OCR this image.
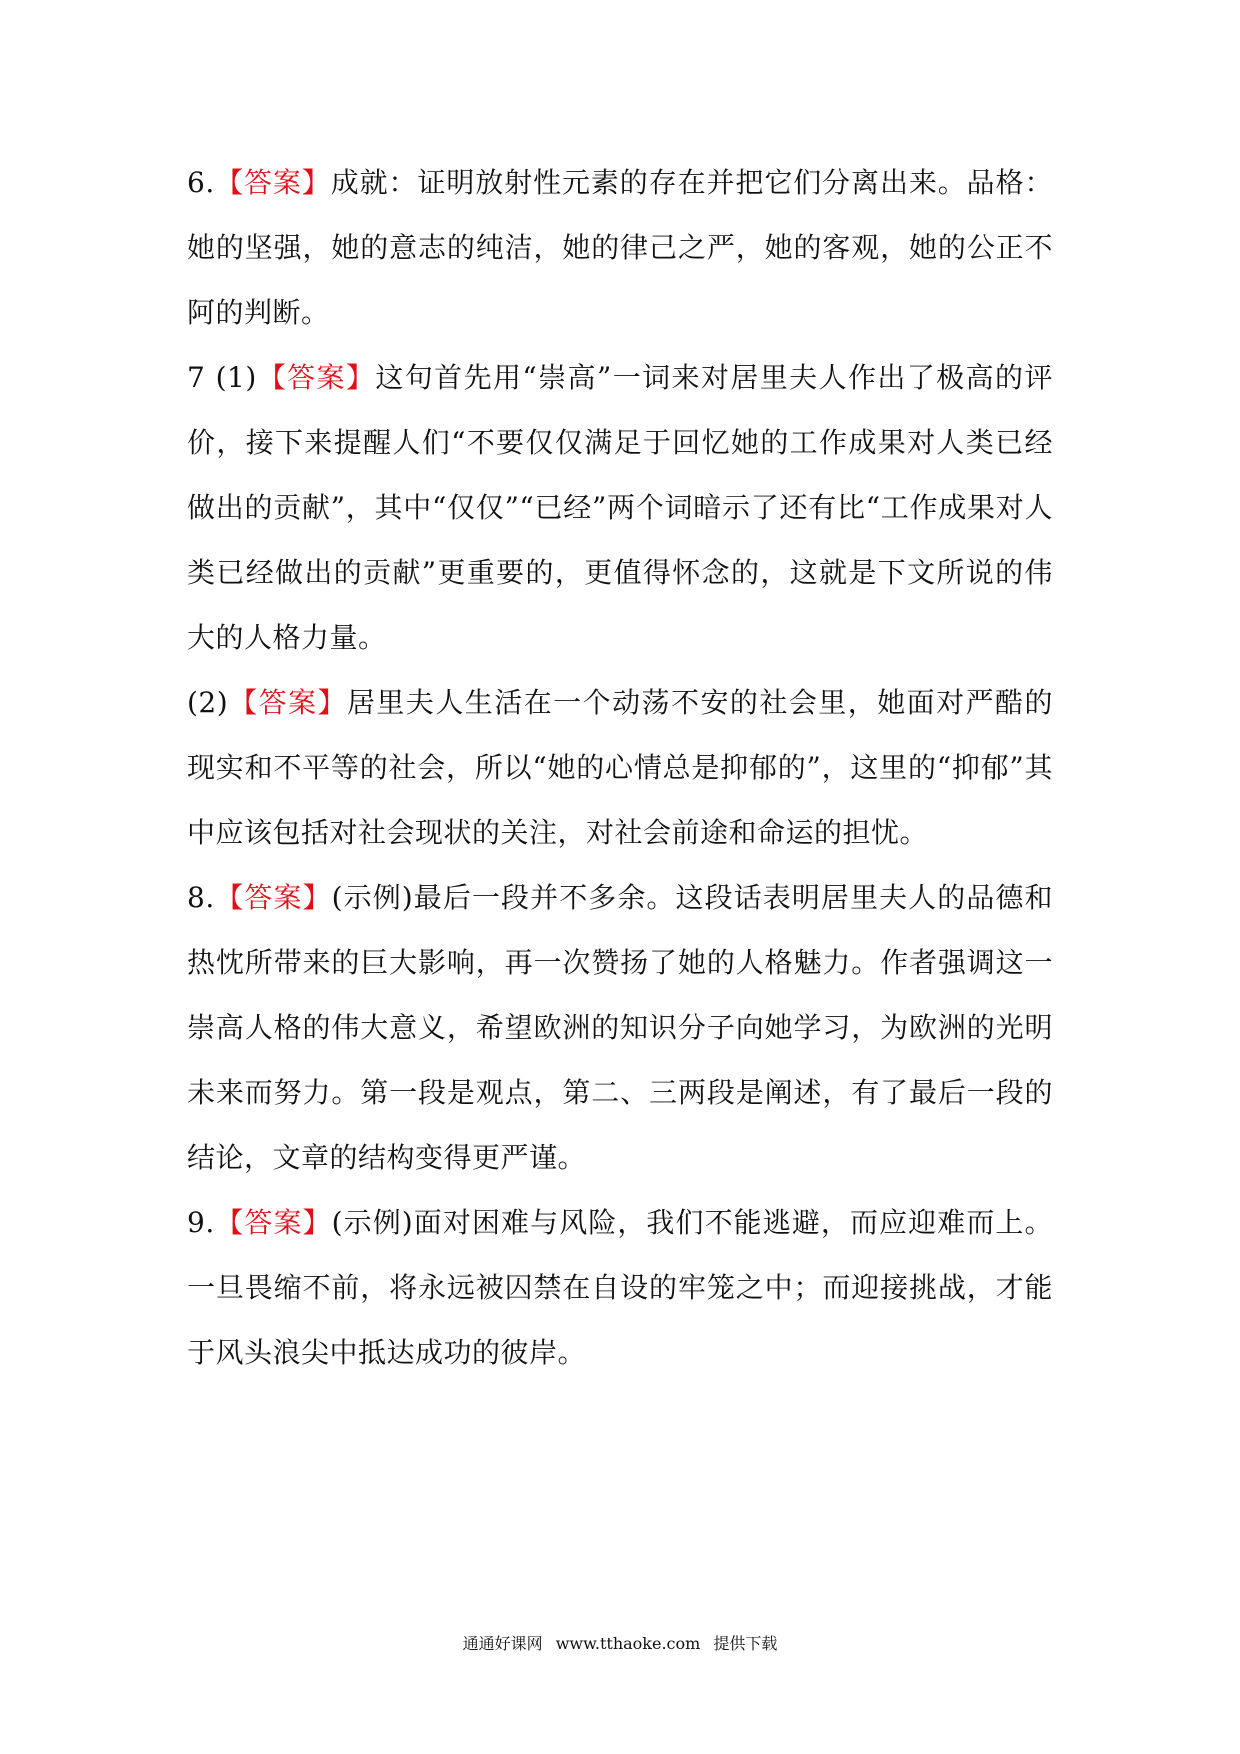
6.【答案】成就：证明放射性元素的存在并把它们分离出来。品格：她的坚强，她的意志的纯洁，她的律己之严，她的客观，她的公正不阿的判断。

7 (1)【答案】这句首先用“崇高”一词来对居里夫人作出了极高的评价，接下来提醒人们“不要仅仅满足于回忆她的工作成果对人类已经做出的贡献”，其中“仅仅”“已经”两个词暗示了还有比“工作成果对人类已经做出的贡献”更重要的，更值得怀念的，这就是下文所说的伟大的人格力量。

(2)【答案】居里夫人生活在一个动荡不安的社会里，她面对严酷的现实和不平等的社会，所以“她的心情总是抑郁的”，这里的“抑郁”其中应该包括对社会现状的关注，对社会前途和命运的担忧。

8.【答案】(示例)最后一段并不多余。这段话表明居里夫人的品德和热忱所带来的巨大影响，再一次赞扬了她的人格魅力。作者强调这一崇高人格的伟大意义，希望欧洲的知识分子向她学习，为欧洲的光明未来而努力。第一段是观点，第二、三两段是阐述，有了最后一段的结论，文章的结构变得更严谨。

9.【答案】(示例)面对困难与风险，我们不能逃避，而应迎难而上。一旦畏缩不前，将永远被囚禁在自设的牢笼之中；而迎接挑战，才能于风头浪尖中抵达成功的彼岸。

通通好课网 www.tthaoke.com 提供下载
